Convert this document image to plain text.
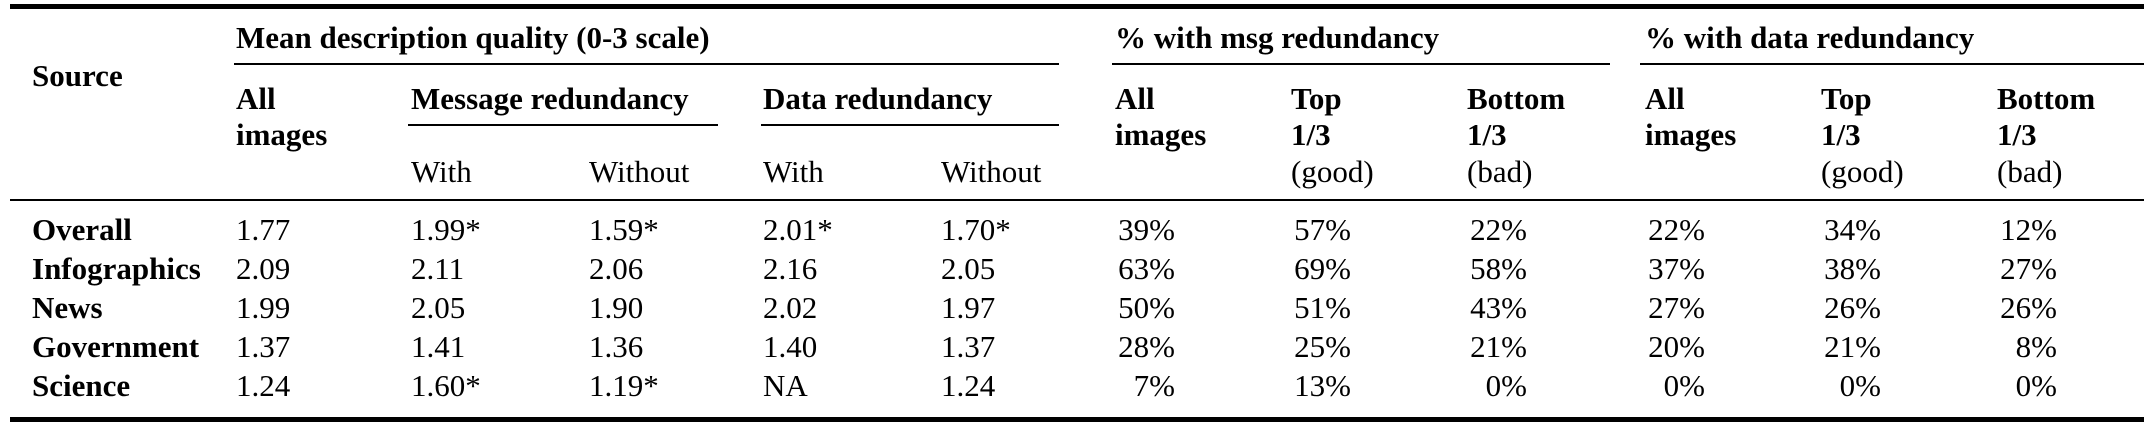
Source
Mean description quality (0-3 scale)	% with msg redundancy	% with data redundancy
All
images
Message redundancy Data redundancy
With	Without With	Without
All
images
Top
1/3
(good)
Bottom
1/3
(bad)
All
images
Top
1/3
(good)
Bottom
1/3
(bad)
Overall	1.77	1.99*	1.59*	2.01*	1.70*	39%	57%	22%	22%	34%	12%
Infographics 2.09	2.11	2.06	2.16	2.05	63%	69%	58%	37%	38%	27%
News	1.99	2.05	1.90	2.02	1.97	50%	51%	43%	27%	26%	26%
Government 1.37	1.41	1.36	1.40	1.37	28%	25%	21%	20%	21%	8%
Science	1.24	1.60*	1.19*	NA	1.24	7%	13%	0%	0%	0%	0%
